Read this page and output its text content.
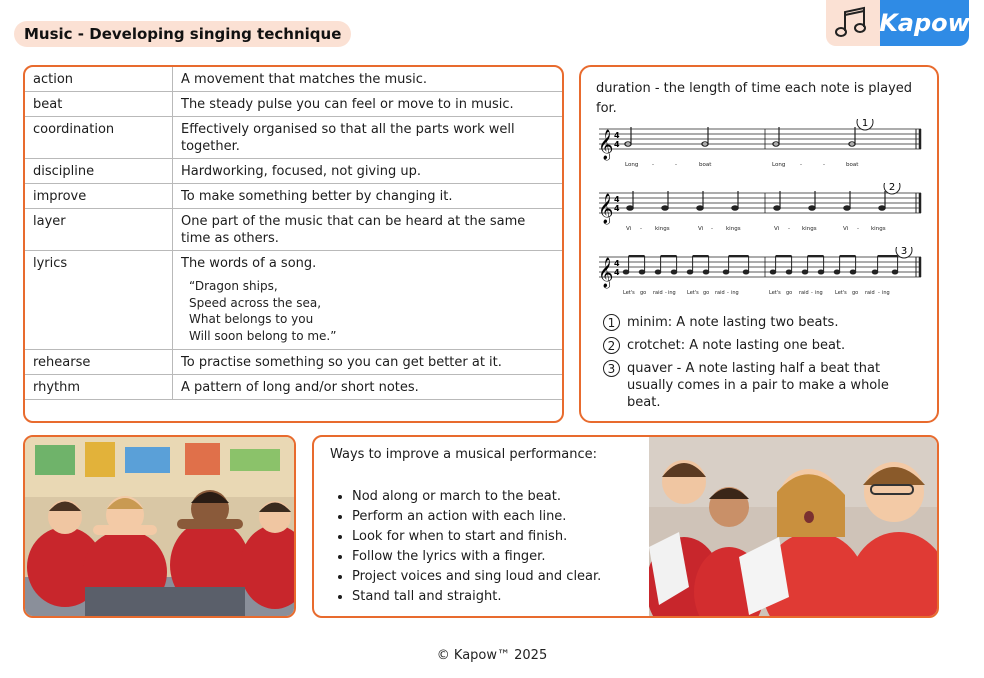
Music - Developing singing technique	Kapow
action	A movement that matches the music.
beat	The steady pulse you can feel or move to in music.
coordination	Effectively organised so that all the parts work well together.
discipline	Hardworking, focused, not giving up.
improve	To make something better by changing it.
layer	One part of the music that can be heard at the same time as others.
lyrics	The words of a song.
“Dragon ships,
Speed across the sea,
What belongs to you
Will soon belong to me.”

rehearse	To practise something so you can get better at it.
rhythm	A pattern of long and/or short notes.
duration - the length of time each note is played for.
𝄞 4
4
1
Long -	-	boat	Long	-	-	boat
𝄞 4
4
2
Vi - kings	Vi - kings	Vi - kings	Vi - kings
𝄞 4
4
3
Let's go raid - ing Let's go raid - ing	Let's go raid - ing Let's go raid - ing
1 minim: A note lasting two beats.
2 crotchet: A note lasting one beat.
3 quaver - A note lasting half a beat that usually comes in a pair to make a whole beat.
Ways to improve a musical performance:
• Nod along or march to the beat.
• Perform an action with each line.
• Look for when to start and finish.
• Follow the lyrics with a finger.
• Project voices and sing loud and clear.
• Stand tall and straight.
© Kapow™ 2025
